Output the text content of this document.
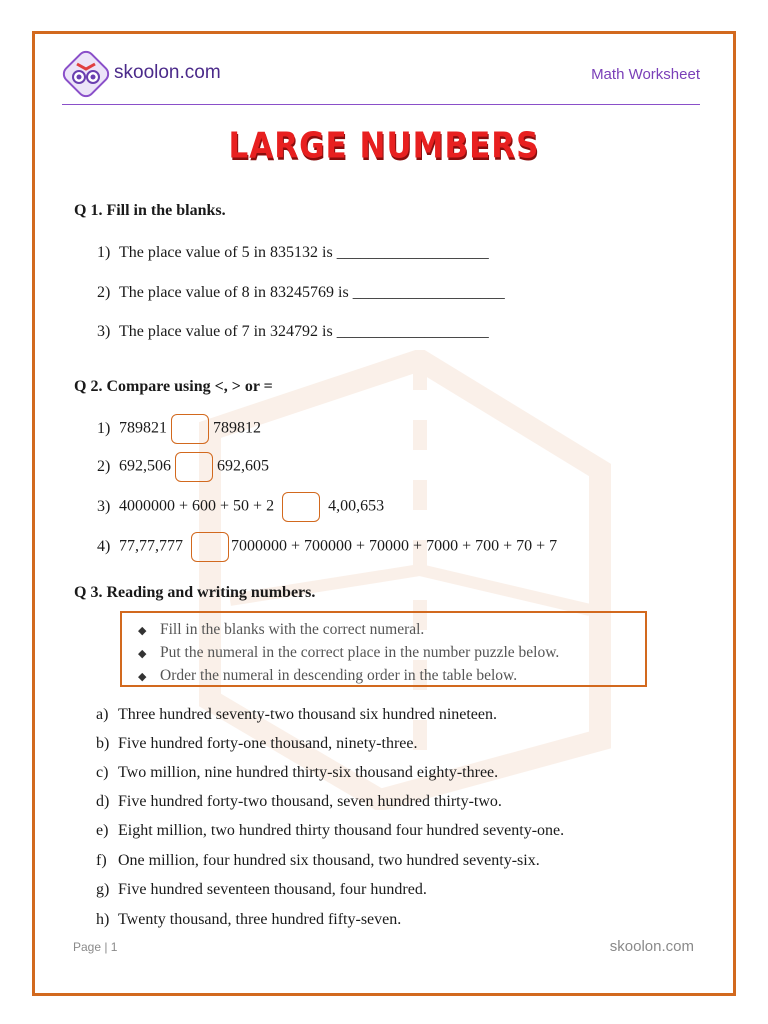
skoolon.com	Math Worksheet
LARGE NUMBERS
Q 1. Fill in the blanks.
1) The place value of 5 in 835132 is ___________________
2) The place value of 8 in 83245769 is ___________________
3) The place value of 7 in 324792 is ___________________
Q 2. Compare using <, > or =
1) 789821	789812
2) 692,506	692,605
3) 4000000 + 600 + 50 + 2	4,00,653
4) 77,77,777	7000000 + 700000 + 70000 + 7000 + 700 + 70 + 7
Q 3. Reading and writing numbers.
◆ Fill in the blanks with the correct numeral.
◆ Put the numeral in the correct place in the number puzzle below.
◆ Order the numeral in descending order in the table below.
a) Three hundred seventy-two thousand six hundred nineteen.
b) Five hundred forty-one thousand, ninety-three.
c) Two million, nine hundred thirty-six thousand eighty-three.
d) Five hundred forty-two thousand, seven hundred thirty-two.
e) Eight million, two hundred thirty thousand four hundred seventy-one.
f) One million, four hundred six thousand, two hundred seventy-six.
g) Five hundred seventeen thousand, four hundred.
h) Twenty thousand, three hundred fifty-seven.
Page | 1	skoolon.com
